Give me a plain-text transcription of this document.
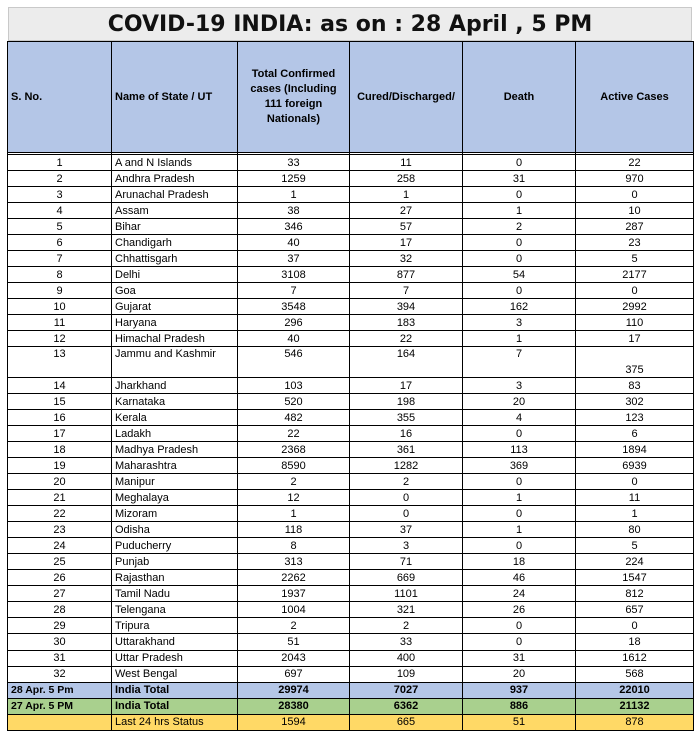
COVID-19 INDIA: as on : 28 April , 5 PM
S. No.	Name of State / UT	Total Confirmed cases (Including 111 foreign Nationals)	Cured/Discharged/	Death	Active Cases

1	A and N Islands	33	11	0	22
2	Andhra Pradesh	1259	258	31	970
3	Arunachal Pradesh	1	1	0	0
4	Assam	38	27	1	10
5	Bihar	346	57	2	287
6	Chandigarh	40	17	0	23
7	Chhattisgarh	37	32	0	5
8	Delhi	3108	877	54	2177
9	Goa	7	7	0	0
10	Gujarat	3548	394	162	2992
11	Haryana	296	183	3	110
12	Himachal Pradesh	40	22	1	17
13	Jammu and Kashmir	546	164	7	375
14	Jharkhand	103	17	3	83
15	Karnataka	520	198	20	302
16	Kerala	482	355	4	123
17	Ladakh	22	16	0	6
18	Madhya Pradesh	2368	361	113	1894
19	Maharashtra	8590	1282	369	6939
20	Manipur	2	2	0	0
21	Meghalaya	12	0	1	11
22	Mizoram	1	0	0	1
23	Odisha	118	37	1	80
24	Puducherry	8	3	0	5
25	Punjab	313	71	18	224
26	Rajasthan	2262	669	46	1547
27	Tamil Nadu	1937	1101	24	812
28	Telengana	1004	321	26	657
29	Tripura	2	2	0	0
30	Uttarakhand	51	33	0	18
31	Uttar Pradesh	2043	400	31	1612
32	West Bengal	697	109	20	568
28 Apr. 5 Pm	India Total	29974	7027	937	22010
27 Apr. 5 PM	India Total	28380	6362	886	21132
	Last 24 hrs Status	1594	665	51	878
